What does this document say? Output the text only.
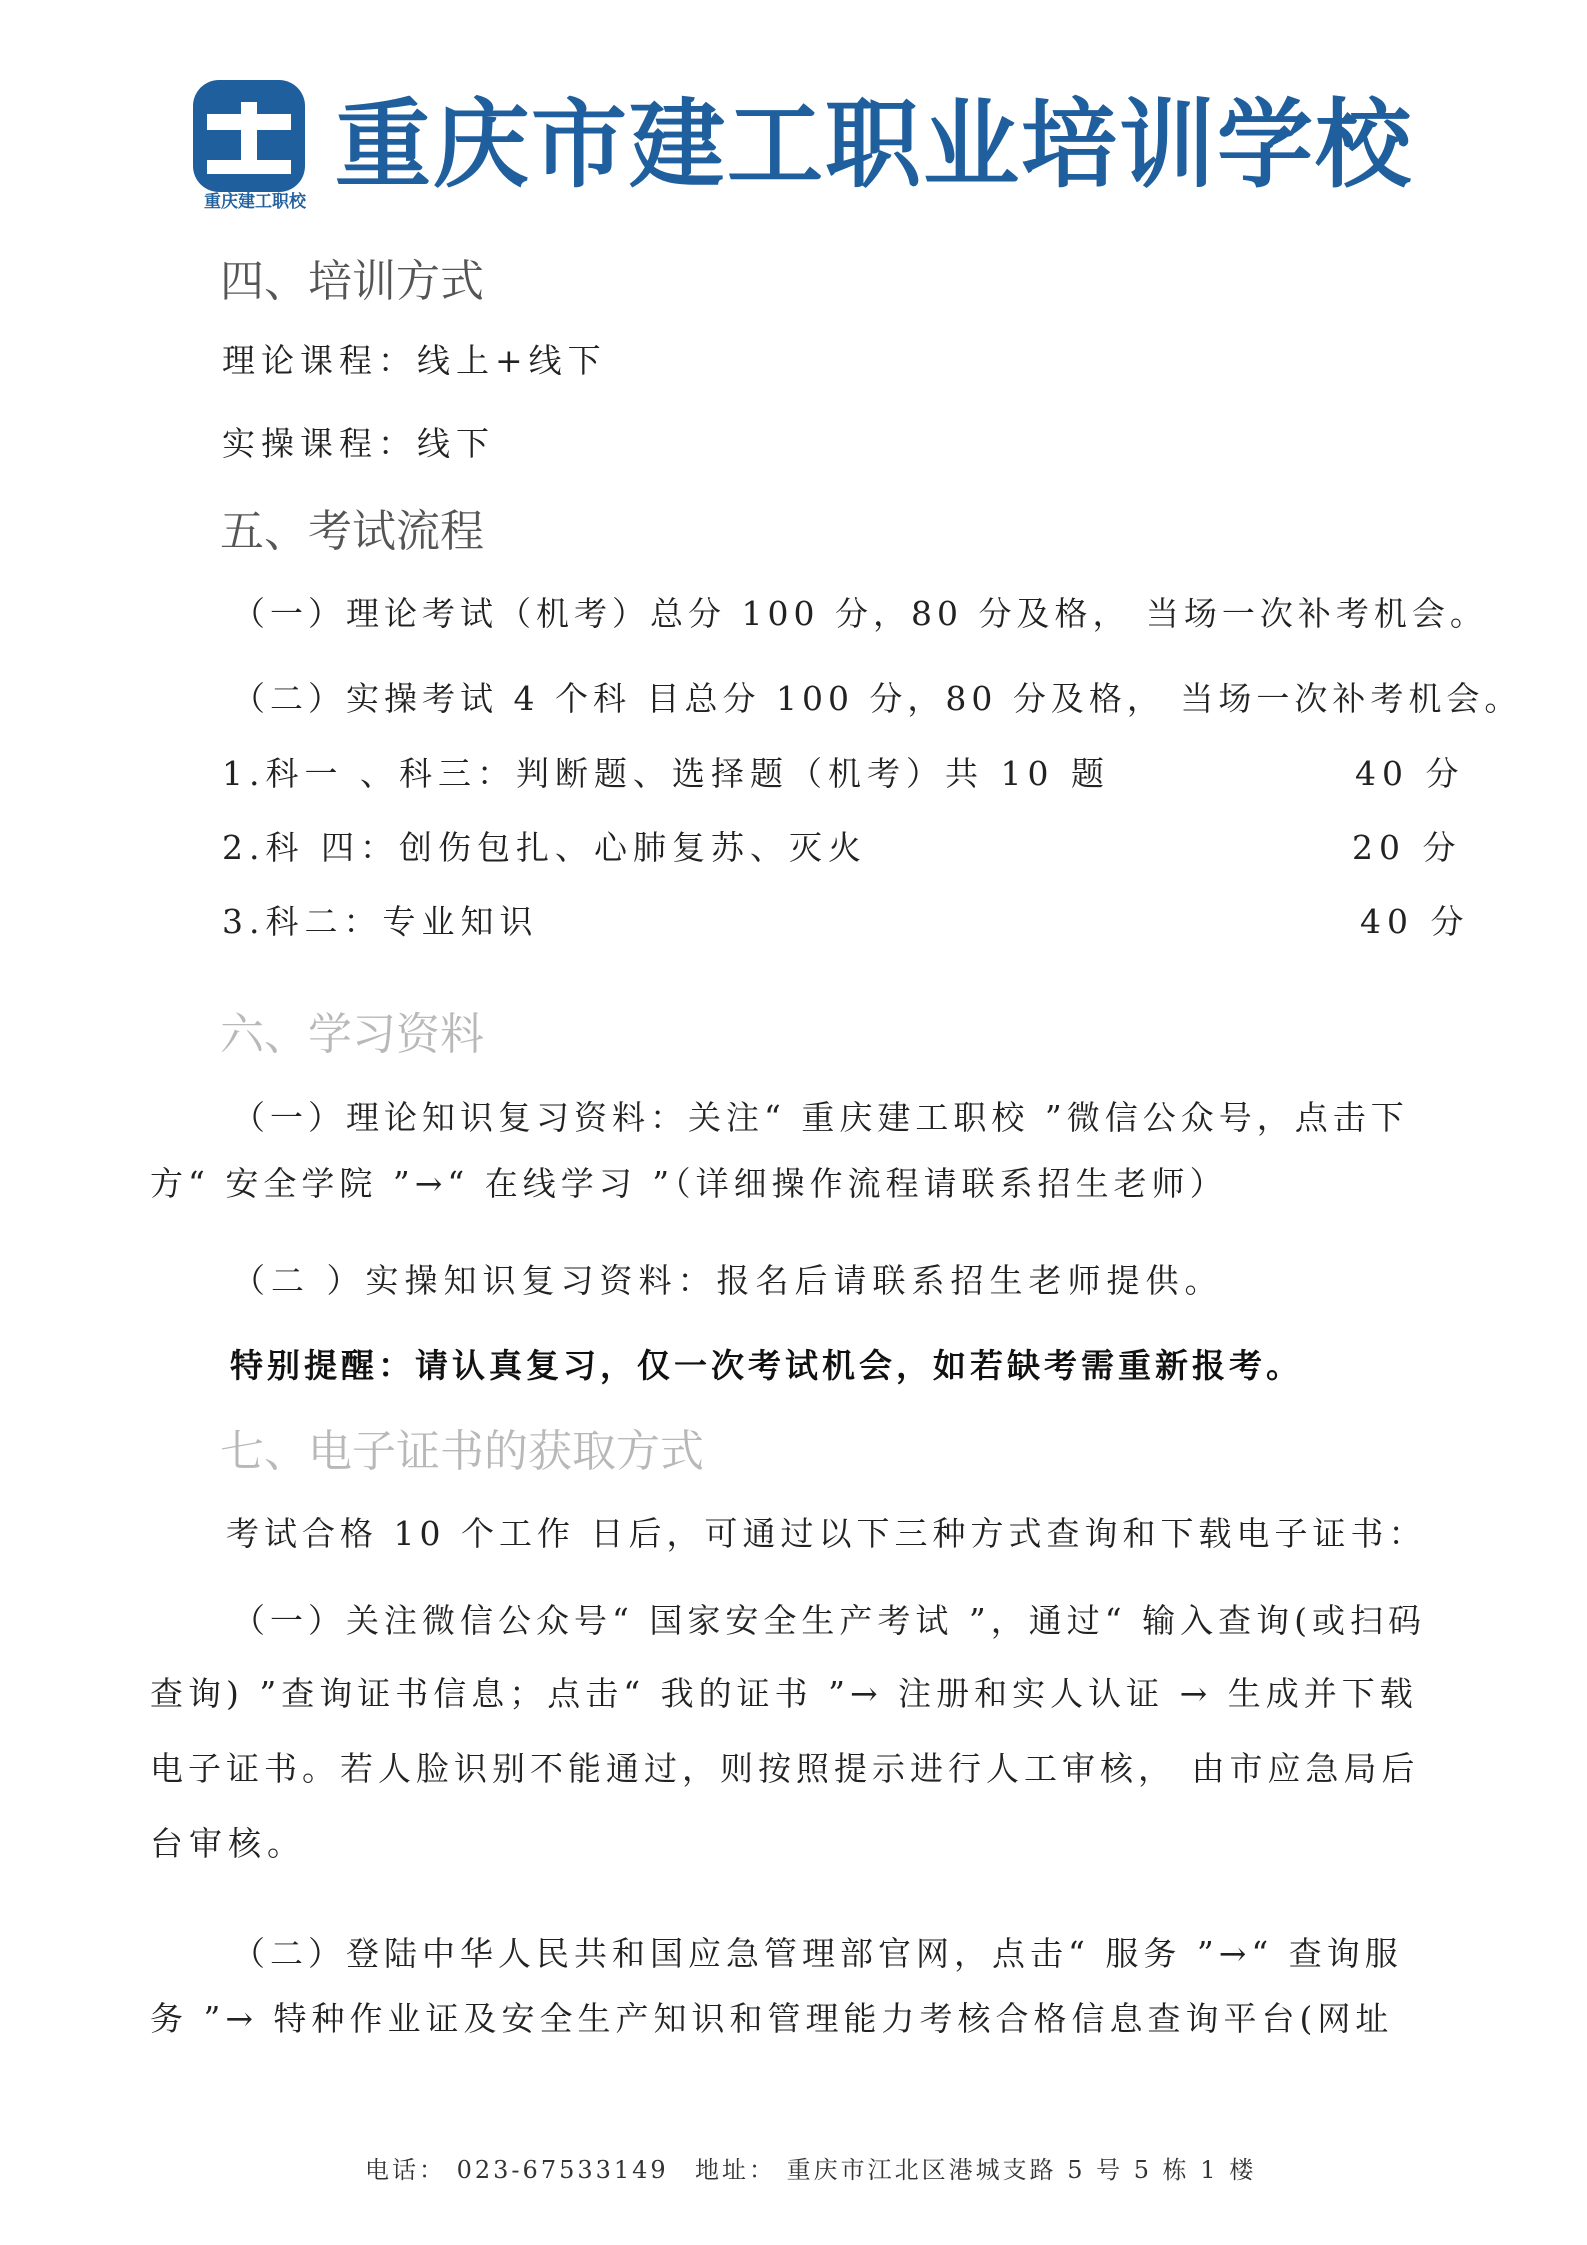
重庆建工职校
重庆市建工职业培训学校
四、培训方式
理论课程：线上+线下
实操课程：线下
五、考试流程
（一）理论考试（机考）总分 100 分，80 分及格， 当场一次补考机会。
（二）实操考试 4 个科 目总分 100 分，80 分及格， 当场一次补考机会。
1.科一 、科三：判断题、选择题（机考）共 10 题	40 分
2.科 四：创伤包扎、心肺复苏、灭火	20 分
3.科二：专业知识	40 分
六、学习资料
（一）理论知识复习资料：关注“ 重庆建工职校 ”微信公众号，点击下
方“ 安全学院 ”→“ 在线学习 ”（详细操作流程请联系招生老师）
（二 ）实操知识复习资料：报名后请联系招生老师提供。
特别提醒：请认真复习，仅一次考试机会，如若缺考需重新报考。
七、电子证书的获取方式
考试合格 10 个工作 日后，可通过以下三种方式查询和下载电子证书：
（一）关注微信公众号“ 国家安全生产考试 ”，通过“ 输入查询(或扫码
查询) ”查询证书信息；点击“ 我的证书 ”→ 注册和实人认证 → 生成并下载
电子证书。若人脸识别不能通过，则按照提示进行人工审核， 由市应急局后
台审核。
（二）登陆中华人民共和国应急管理部官网，点击“ 服务 ”→“ 查询服
务 ”→ 特种作业证及安全生产知识和管理能力考核合格信息查询平台(网址
电话： 023-67533149 地址： 重庆市江北区港城支路 5 号 5 栋 1 楼
